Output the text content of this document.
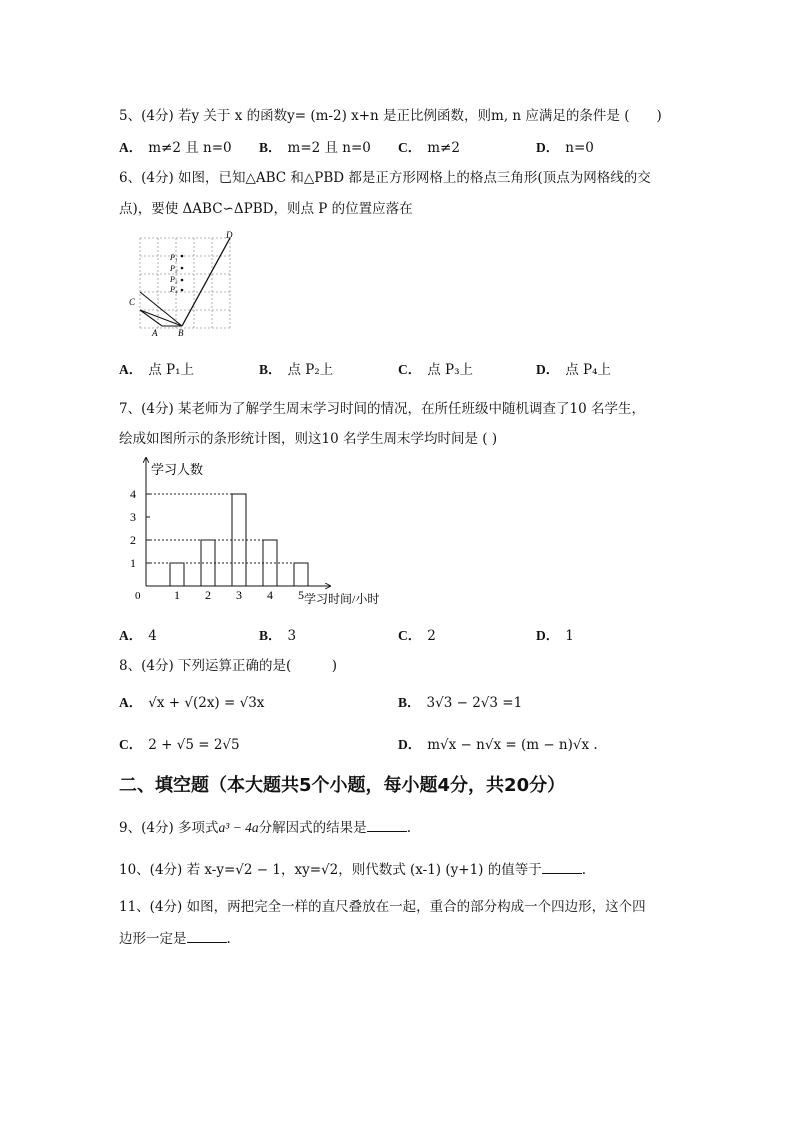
5、(4分) 若y 关于 x 的函数y= (m-2) x+n 是正比例函数，则m, n 应满足的条件是 (　　)
A． m≠2 且 n=0 B． m=2 且 n=0 C． m≠2	D． n=0
6、(4分) 如图，已知△ABC 和△PBD 都是正方形网格上的格点三角形(顶点为网格线的交
点)，要使 ΔABC∽ΔPBD，则点 P 的位置应落在
P₁
P₂
P₃
P₄
C
A B
D
A． 点 P₁上	B． 点 P₂上	C． 点 P₃上	D． 点 P₄上
7、(4分) 某老师为了解学生周末学习时间的情况，在所任班级中随机调查了10 名学生，
绘成如图所示的条形统计图，则这10 名学生周末学均时间是 ( )
学习人数
学习时间/小时
0
1
2
3
4
1 2 3 4 5
A． 4	B． 3	C． 2	D． 1
8、(4分) 下列运算正确的是(　　　)
A． √x + √(2x) = √3x	B． 3√3 − 2√3 =1
C． 2 + √5 = 2√5	D． m√x − n√x = (m − n)√x .
二、填空题（本大题共5个小题，每小题4分，共20分）
9、(4分) 多项式a³ − 4a分解因式的结果是	.
10、(4分) 若 x-y=√2 − 1，xy=√2，则代数式 (x-1) (y+1) 的值等于	.
11、(4分) 如图，两把完全一样的直尺叠放在一起，重合的部分构成一个四边形，这个四
边形一定是	.
